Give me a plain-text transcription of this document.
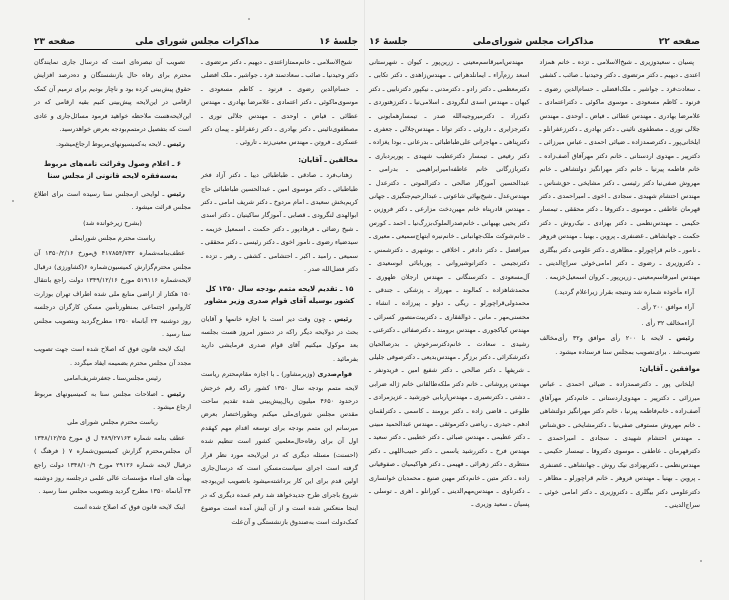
جلسهٔ ۱۶
مذاکرات مجلس شورای ملی
صفحه ۲۳

شیخ‌الاسلامی ـ خانم‌ممتازاعتدی ـ دیهیم ـ دکتر مرتضوی ـ دکتر وحیدنیا ـ صائب ـ سعادتمند فرد ـ جواشیر ـ ملک افضلی ـ حسام‌الدین رضوی ـ فرنود ـ کاظم مسعودی ـ موسوی‌ماکوئی ـ دکتر اعتمادی ـ غلامرضا بهادری ـ مهندس عطائی ـ فیاض ـ اوحدی ـ مهندس جلالی نوری ـ مصطفوی‌نائینی ـ دکتر بهادری ـ دکتر زعفرانلو ـ پیمان دکتر عسکری ـ فروتن ـ مهندس معینی‌زند ـ تاروئی .

مخالفین ـ آقایان:

زهتاب‌فرد ـ صادقی ـ طباطبائی دیبا ـ دکتر آزاد فخر طباطبائی ـ دکتر موسوی امین ـ عبدالحسین طباطبائی حاج کریم‌بخش سعیدی ـ امام مردوخ ـ دکتر شریف امامی ـ دکتر ابوالهدی لنگرودی ـ قصابی ـ آموزگار ساکینیان ـ دکتر اسدی ـ شیخ رضائی ـ فرهادپور ـ دکتر حکمت ـ اسمعیل خزیمه ـ سیدضیاء رضوی ـ نامور اخوی ـ دکتر رئیسی ـ دکتر محققی ـ سمیعی ـ رامبد ـ اکبر ـ احتشامی ـ کشفی ـ رهبر ـ تزده ـ دکتر فضل‌الله صدر .

۱۵ ـ تقدیم لایحه متمم بودجه سال ۱۳۵۰ کل کشور بوسیله آقای قوام صدری وزیر مشاور

رئیس ـ چون وقت دیر است با اجازه خانمها و آقایان بحث در دولایحه دیگر راکه در دستور امروز هست بجلسه بعد موکول میکنیم آقای قوام صدری فرمایشی دارید بفرمائید .

قوام‌صدری (وزیرمشاور) ـ با اجازه مقام‌محترم ریاست لایحه متمم بودجه سال ۱۳۵۰ کشور راکه رقم خرجش درحدود ۴۶۵۰ میلیون ریال‌پیش‌بینی شده تقدیم ساحت مقدس مجلس شورای‌ملی میکنم وبطوراختصار بعرض میرسانم این متمم بودجه برای توسعه اقدام مهم کهقدم اول آن برای رفاه‌حال‌معلمین کشور است تنظیم شده (احسنت) مسئله دیگری که در این‌لایحه مورد نظر قرار گرفته است اجرای سیاست‌مسکن است که درسال‌جاری اولین قدم برای این کار برداشته‌میشود باتصویب این‌بودجه شروع باجرای طرح جدیدخواهد شد رقم عمده دیگری که در اینجا منعکس شده است و از آن آیش آمده است موضوع کمک‌دولت است به‌صندوق بازنشستگی و آن‌علت

تصویب آن تبصره‌ای است که درسال جاری نمایندگان محترم برای رفاه حال بازنشستگان و ده‌درصد افزایش حقوق پیش‌بینی کرده بود و ناچار بودیم برای ترمیم آن کمک ارقامی در این‌لایحه پیش‌بینی کنیم بقیه ارقامی که در این‌لایحه‌هست ملاحظه خواهید فرمود مسائل‌جاری و عادی است که بتفصیل درمتمم‌بودجه بعرض خواهدرسید.

رئیس ـ لایحه به‌کمیسیونهای‌مربوط ارجاع‌میشود.

۶ ـ اعلام وصول وقرائت نامه‌های مربوط به‌سه‌فقره لایحه قانونی از مجلس سنا

رئیس ـ لوایحی ازمجلس سنا رسیده است برای اطلاع مجلس قرائت میشود .

(بشرح زیرخوانده شد)

ریاست محترم مجلس شورایملی

عطف‌بنامه‌شماره ۴۱۷۸۵۴/۷۳۲ ق‌مورخ ۱۳۵۰/۲/۱۶ آن مجلس محترم‌گزارش کمیسیون‌شماره ۶(کشاورزی) درقبال لایحه‌شماره ۵۱۹۱۱۶ مورخ ۱۳۴۹/۱۲/۱۶ دولت راجع بانتقال ۱۵۰ هکتار از اراضی منابع ملی شده اطراف تهران بوزارت کاروامور اجتماعی بمنظورتأمین مسکن کارگران درجلسه روز دوشنبه ۲۴ آبانماه ۱۳۵۰ مطرح‌گردید وبتصویب مجلس سنا رسید .

اینک لایحه قانون فوق که اصلاح شده است جهت تصویب مجدد آن مجلس محترم بضمیمه ایفاد میگردد .

رئیس مجلس‌سنا ـ جعفرشریف‌امامی

رئیس ـ اصلاحات مجلس سنا به کمیسیونهای مربوط ارجاع میشود .

ریاست محترم مجلس شورای ملی

عطف بنامه شماره ۴۸۹/۲۷۱۶۳ ل ق مورخ ۱۳۴۸/۱۲/۲۵ آن مجلس‌محترم گزارش کمیسیون‌شماره ۷ ( فرهنگ ) درقبال لایحه شماره ۲۹۱۲۶ مورخ ۱۳۴۸/۱۰/۹ دولت راجع بهیأت های امناء مؤسسات عالی علمی درجلسه روز دوشنبه ۲۴ آبانماه ۱۳۵۰ مطرح گردید وبتصویب مجلس سنا رسید .

اینک لایحه قانون فوق که اصلاح شده است

صفحه ۲۲
مذاکرات مجلس شورای‌ملی
جلسهٔ ۱۶

پسیان ـ سعیدوزیری ـ شیخ‌الاسلامی ـ تزده ـ خانم همزاد اعتدی ـ دیهیم ـ دکتر مرتضوی ـ دکتر وحیدنیا ـ صائب ـ کشفی ـ سعادت‌فرد ـ جواشیر ـ ملک‌افضلی ـ حسام‌الدین رضوی ـ فرنود ـ کاظم مسعودی ـ موسوی ماکوئی ـ دکتراعتمادی ـ غلامرضا بهادری ـ مهندس عطائی ـ فیاض ـ اوحدی ـ مهندس جلالی نوری ـ مصطفوی نائینی ـ دکتر بهادری ـ دکترزعفرانلو ـ ایلخانی‌پور ـ دکترصمدزاده ـ ضیائی احمدی ـ عباس میرزائی ـ دکترپیر ـ مهدوی اردستانی ـ خانم دکتر مهرآفاق آصف‌زاده ـ خانم فاطمه پیرنیا ـ خانم دکتر مهرانگیز دولتشاهی ـ خانم مهروش صفی‌نیا دکتر رئیسی ـ دکتر مشایخی ـ حق‌شناس ـ مهندس احتشام شهیدی ـ سجادی ـ اخوی ـ امیراحمدی ـ دکتر قهرمان عاطفی ـ موسوی ـ دکتروفا ـ دکتر محققی ـ تیمسار حکیمی ـ مهندس‌نظمی ـ دکتر بهزادی ـ نیک‌روش ـ دکتر حکمت ـ جهانشاهی ـ غضنفری ـ پروین ـ بهنیا ـ مهندس فروهر ـ نامور ـ خانم قراچورلو ـ مظاهری ـ دکتر علومی دکتر بیگلری ـ دکتروزیری ـ رضوی ـ دکتر امامی‌خوئی سراج‌الدینی ـ مهندس امیرقاسم‌معینی ـ زرین‌پور ـ کروان اسمعیل‌خزیمه .

آراء مأخوذه شماره شد ونتیجه بقرار زیراعلام گردید.)

آراء موافق ۲۰۰ رأی .

آراءمخالف ۳۲ رأی .

رئیس ـ لایحه با ۲۰۰ رأی موافق و۳۲ رأی‌مخالف تصویب‌شد . برای‌تصویب بمجلس سنا فرستاده میشود .

موافقین ـ آقایان:

ایلخانی پور ـ دکترصمدزاده ـ ضیائی احمدی ـ عباس میرزائی ـ دکترپیر ـ مهدوی‌اردستانی ـ خانم‌دکتر مهرآفاق آصف‌زاده ـ خانم‌فاطمه پیرنیا ، خانم دکتر مهرانگیز دولتشاهی ـ خانم مهروش مستوفی صفی‌نیا ـ دکترمشایخی ـ حق‌شناس ـ مهندس احتشام شهیدی ـ سجادی ـ امیراحمدی ـ دکترقهرمان ـ عاطفی ـ موسوی دکتروفا ـ تیمسار حکیمی ـ مهندس‌نظمی ـ دکتربهزادی نیک روش ـ جهانشاهی ـ غضنفری ـ پروین ـ بهنیا ـ مهندس فروهر ـ خانم قراچورلو ـ مظاهر ـ دکترعلومی دکتر بیگلری ـ دکتروزیری ـ دکتر امامی خوئی ـ سراج‌الدینی ـ

مهندس‌امیرقاسم‌معینی ـ زرین‌پور ـ کیوان ـ شهرستانی اسعد رزم‌آراء ـ ایمانلدهراتی ـ مهندس‌زاهدی ـ دکتر تکابی ـ دکترمعظمی ـ دکتر رادو ـ دکترمدنی ـ نیکپور دکترنابیی ـ دکتر کیهان ـ مهندس اسدی لنگرودی ـ اسلامی‌نیا ـ دکترزهتوردی ـ دکترراد ـ دکترمیروجیه‌الله صدر ـ تیمسارهمایونی ـ دکترجزایری ـ داروئی ـ دکتر توانا ـ مهندس‌جلالی ـ جعفری ـ دکترپناهی ـ مهاجرانی علی‌طباطبائی ـ بدرعانی ـ بودا یغزاده ـ دکتر رفیعی ـ تیمسار دکترعطیب شهیدی ـ پوربردباری ـ دکتربازرگانی خانم عاطفه‌امیرابراهیمی ـ بدرامی ـ عبدالحسین آموزگار صالحی ـ دکترالموتی ـ دکترعدل ـ مهندس‌عدل ـ شیخ‌بهائی شاعوتی ـ عبدالرحیم‌جنگیزی ـ جهانی ـ مهندس قادرپناه خانم مهین‌دخت مزارعی ـ دکتر فروزین ـ دکتر یحیی بهبهانی ـ خانم‌صدرالملوک‌بزرگ‌نیا ـ احمد ـ کورس ـ خانم‌شوکت ملک‌جهانبانی ـ خانم‌نیره ابتهاج‌سمیعی ـ معیری ـ میرافضل ـ دکتر دادفر ـ اخلاقی ـ بوشهری ـ دکترشمس ـ دکترنجیمی ـ دکترانوشیروانی ـ پوربابائی ابوسعیدی ـ آل‌مسعودی ـ دکترسنگانی ـ مهندس ارجلان ظهوری ـ محمدشاهزاده ـ کمالوند ـ مهرزاد ـ پزشکی ـ جندقی ـ محمدولی‌قراچورلو ـ ریگی ـ دولو ـ پیرزاده ـ انشاء ـ محسنی‌مهر ـ مانی ـ ذوالفقاری ـ دکتربیت‌منصور کسرائی ـ مهندس کیاکجوری ـ مهندس برومند ـ دکترصفائی ـ دکترغنی ـ رشیدی ـ سعادت ـ خانم‌دکترسرخوش ـ بدرصالحیان دکترشکرائی ـ دکتر برزگر ـ مهندس‌بدیعی ـ دکترصوفی جلیلی ـ شریفها ـ دکتر صالحی ـ دکتر شفیع امین ـ فریدونفر ـ مهندس پروشانی ـ خانم دکتر ملکه‌طالقانی خانم ژاله ضرابی ـ دشتی ـ دکترنصیری ـ مهندس‌اربابی خورشید ـ عزیزمرادی ـ طلوعی ـ قاضی زاده ـ دکتر برومند ـ کاسمی ـ دکترلقمان ادهم ـ حیدری ـ ریاضی دکترموثقی ـ مهندس عبدالحمید مبینی ـ دکتر عظیمی ـ مهندس صبائی ـ دکتر خطیبی ـ دکتر سعید ـ مهندس فرخ ـ دکتررشید یاسمی ـ دکتر حبیب‌اللهی ـ دکتر منتظری ـ دکتر زهرائی ـ فهیمی ـ دکتر هواکیمیان ـ صفوقیانی زاده ـ دکتر متین ـ خانم‌دکتر مهین صنیع ـ محمدیان خوانساری ـ دکترناوی ـ مهندس‌مهم‌الدینی ـ کورانلو ـ اهری ـ توسلی ـ پسیان ـ سعید وزیری ـ
